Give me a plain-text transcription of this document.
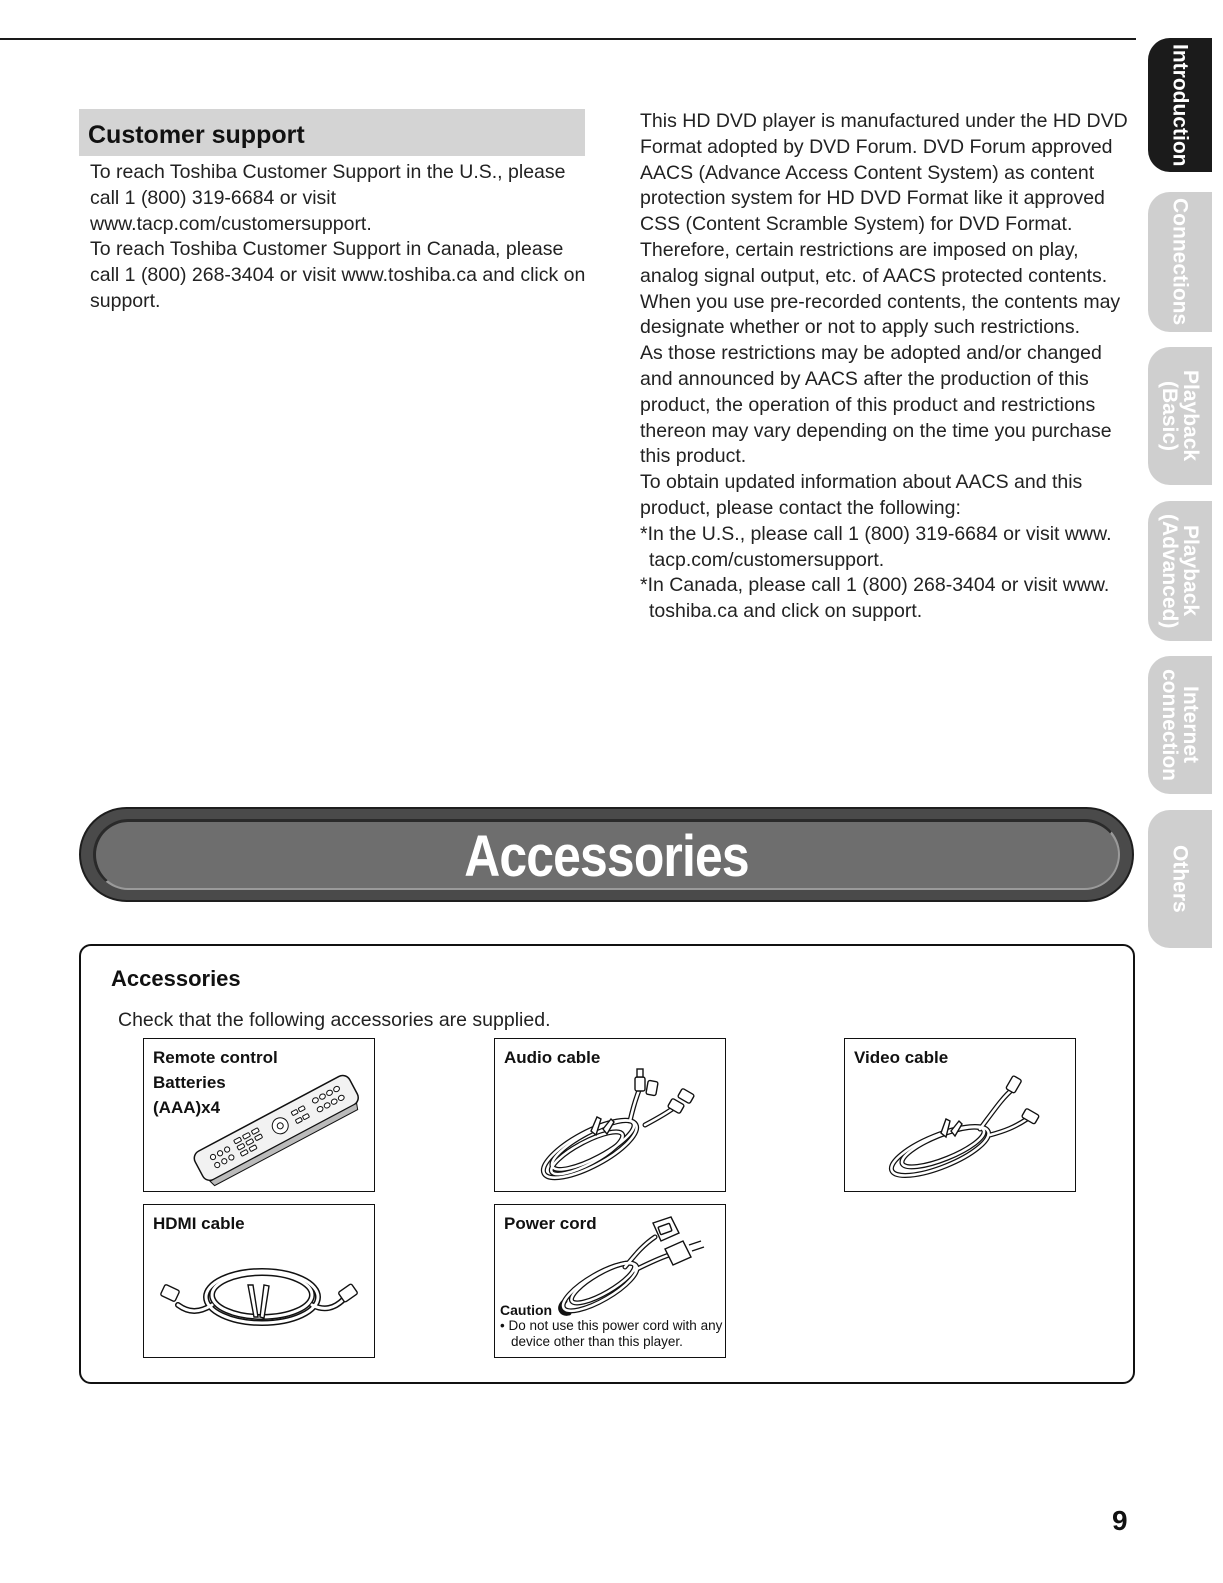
Introduction
Connections
Playback
(Basic)
Playback
(Advanced)
Internet
connection
Others
Customer support

To reach Toshiba Customer Support in the U.S., please call 1 (800) 319-6684 or visit www.tacp.com/customersupport.

To reach Toshiba Customer Support in Canada, please call 1 (800) 268-3404 or visit www.toshiba.ca and click on support.

This HD DVD player is manufactured under the HD DVD Format adopted by DVD Forum. DVD Forum approved AACS (Advance Access Content System) as content protection system for HD DVD Format like it approved CSS (Content Scramble System) for DVD Format. Therefore, certain restrictions are imposed on play, analog signal output, etc. of AACS protected contents.

When you use pre-recorded contents, the contents may designate whether or not to apply such restrictions.

As those restrictions may be adopted and/or changed and announced by AACS after the production of this product, the operation of this product and restrictions thereon may vary depending on the time you purchase this product.

To obtain updated information about AACS and this product, please contact the following:

*In the U.S., please call 1 (800) 319-6684 or visit www. tacp.com/customersupport.

*In Canada, please call 1 (800) 268-3404 or visit www. toshiba.ca and click on support.

Accessories
Accessories
Check that the following accessories are supplied.
Remote control
Batteries
(AAA)x4
Audio cable	Video cable
HDMI cable	Power cord
Caution
• Do not use this power cord with any device other than this player.
9
